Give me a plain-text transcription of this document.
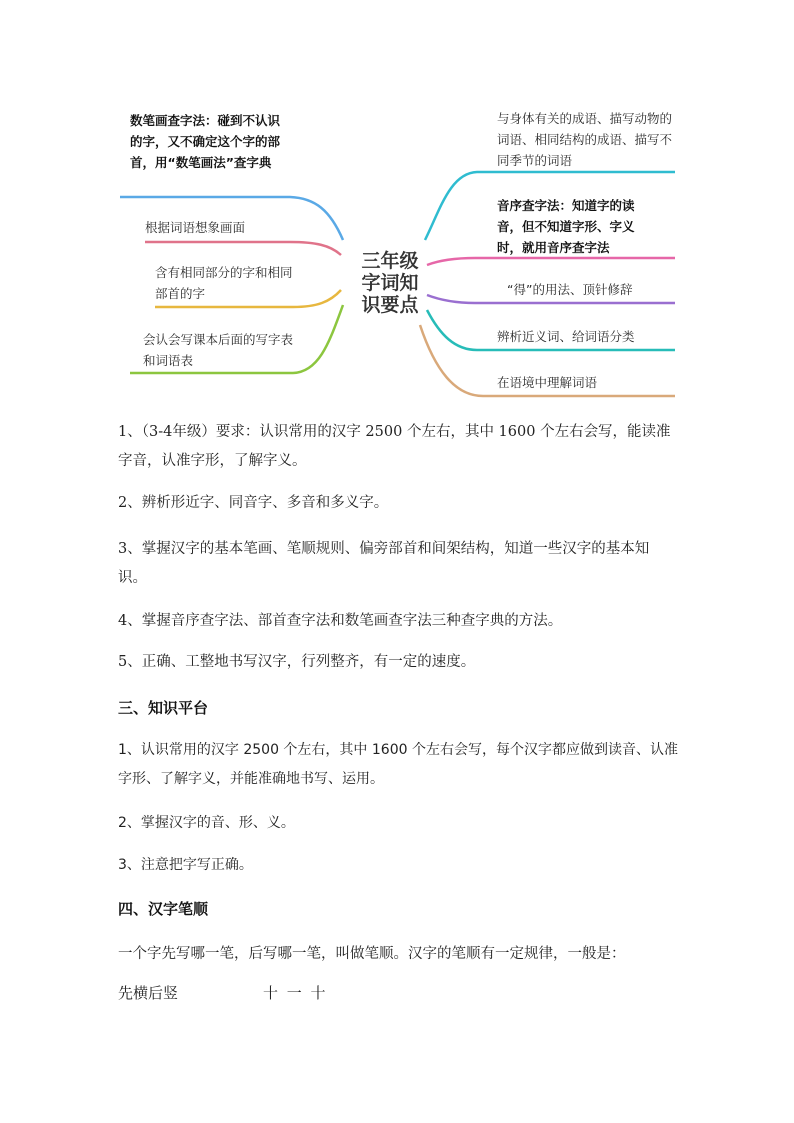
三年级字词知识要点
数笔画查字法：碰到不认识的字，又不确定这个字的部首，用“数笔画法”查字典
根据词语想象画面
含有相同部分的字和相同部首的字
会认会写课本后面的写字表和词语表
与身体有关的成语、描写动物的词语、相同结构的成语、描写不同季节的词语
音序查字法：知道字的读音，但不知道字形、字义时，就用音序查字法
“得”的用法、顶针修辞
辨析近义词、给词语分类
在语境中理解词语
1、（3-4年级）要求：认识常用的汉字 2500 个左右，其中 1600 个左右会写，能读准字音，认准字形，了解字义。
2、辨析形近字、同音字、多音和多义字。
3、掌握汉字的基本笔画、笔顺规则、偏旁部首和间架结构，知道一些汉字的基本知识。
4、掌握音序查字法、部首查字法和数笔画查字法三种查字典的方法。
5、正确、工整地书写汉字，行列整齐，有一定的速度。
三、知识平台
1、认识常用的汉字 2500 个左右，其中 1600 个左右会写，每个汉字都应做到读音、认准字形、了解字义，并能准确地书写、运用。
2、掌握汉字的音、形、义。
3、注意把字写正确。
四、汉字笔顺
一个字先写哪一笔，后写哪一笔，叫做笔顺。汉字的笔顺有一定规律，一般是：
先横后竖	十 一 十
